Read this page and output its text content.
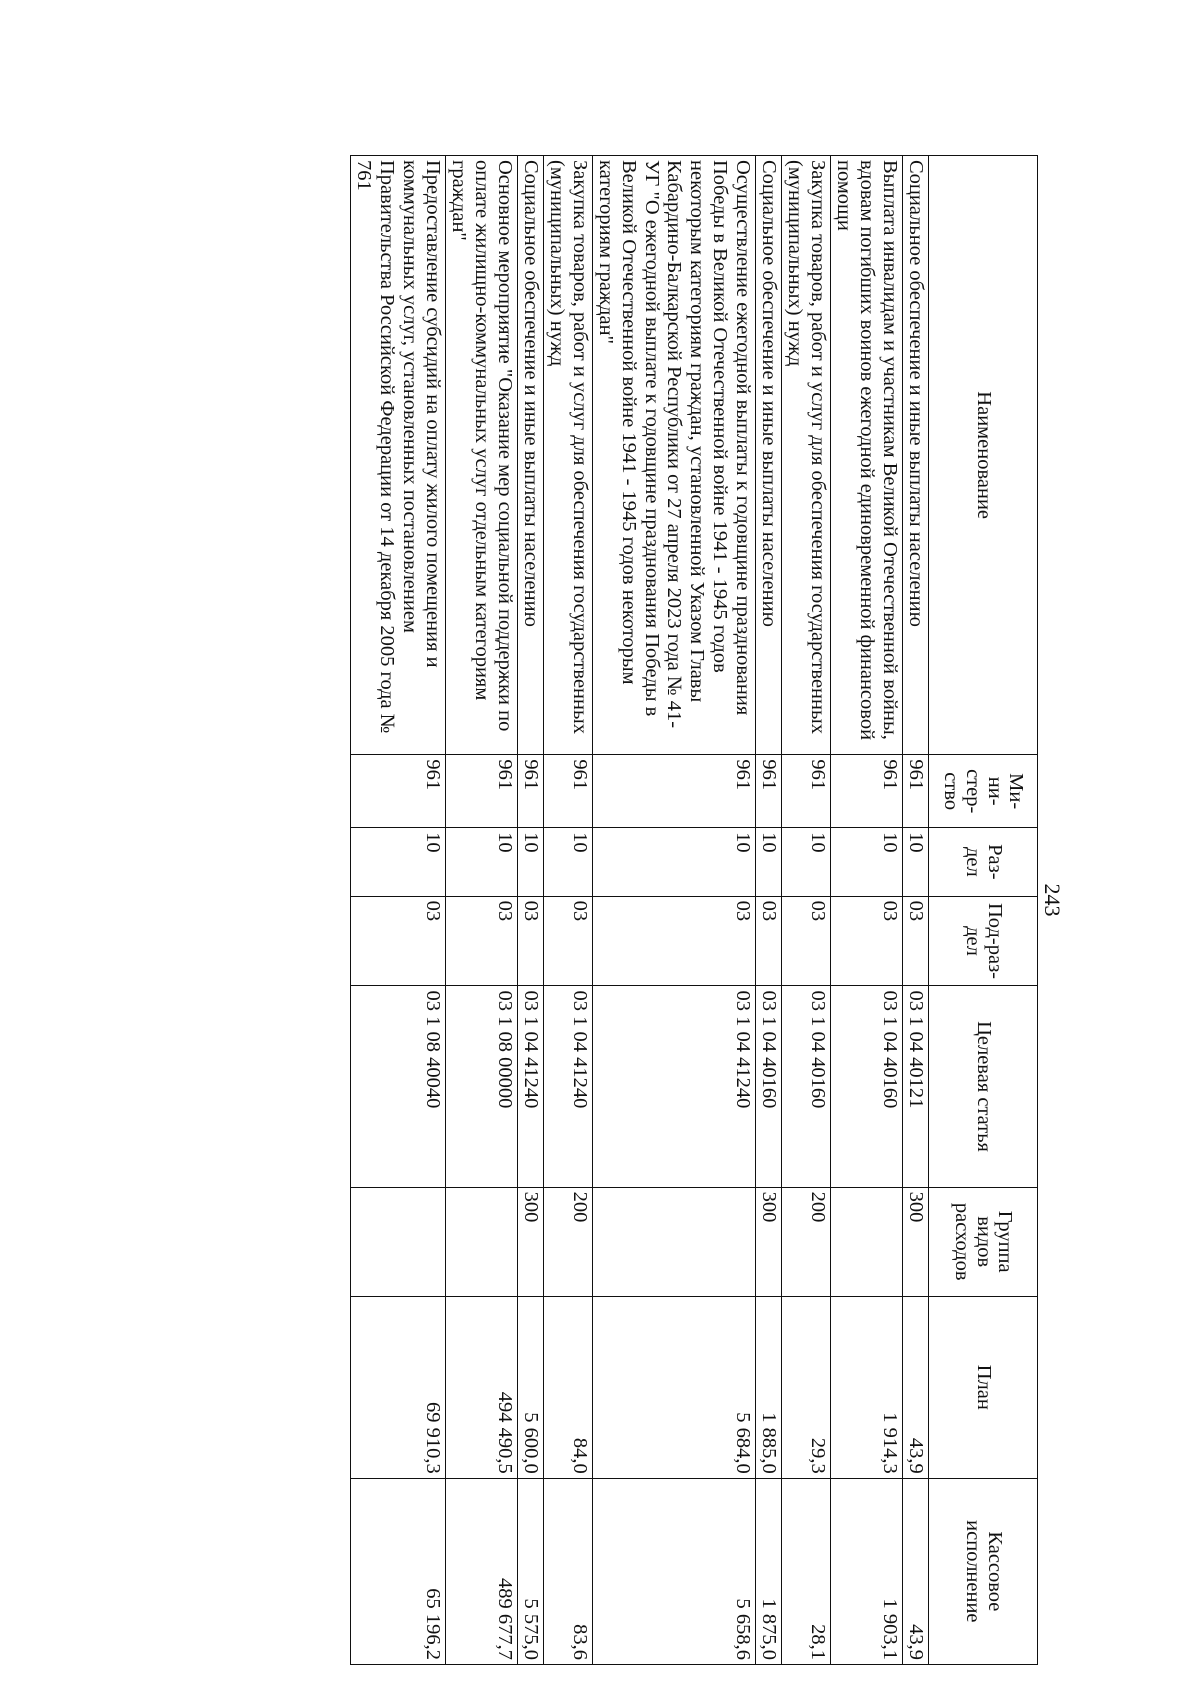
243
Наименование	Ми-ни-стер-ство	Раз-дел	Под-раз-дел	Целевая статья	Группа видов расходов	План	Кассовое исполнение
Социальное обеспечение и иные выплаты населению	961	10	03	03 1 04 40121	300	43,9	43,9
Выплата инвалидам и участникам Великой Отечественной войны, вдовам погибших воинов ежегодной единовременной финансовой помощи	961	10	03	03 1 04 40160		1 914,3	1 903,1
Закупка товаров, работ и услуг для обеспечения государственных (муниципальных) нужд	961	10	03	03 1 04 40160	200	29,3	28,1
Социальное обеспечение и иные выплаты населению	961	10	03	03 1 04 40160	300	1 885,0	1 875,0
Осуществление ежегодной выплаты к годовщине празднования Победы в Великой Отечественной войне 1941 - 1945 годов некоторым категориям граждан, установленной Указом Главы Кабардино-Балкарской Республики от 27 апреля 2023 года № 41-УГ "О ежегодной выплате к годовщине празднования Победы в Великой Отечественной войне 1941 - 1945 годов некоторым категориям граждан"	961	10	03	03 1 04 41240		5 684,0	5 658,6
Закупка товаров, работ и услуг для обеспечения государственных (муниципальных) нужд	961	10	03	03 1 04 41240	200	84,0	83,6
Социальное обеспечение и иные выплаты населению	961	10	03	03 1 04 41240	300	5 600,0	5 575,0
Основное мероприятие "Оказание мер социальной поддержки по оплате жилищно-коммунальных услуг отдельным категориям граждан"	961	10	03	03 1 08 00000		494 490,5	489 677,7
Предоставление субсидий на оплату жилого помещения и коммунальных услуг, установленных постановлением Правительства Российской Федерации от 14 декабря 2005 года № 761	961	10	03	03 1 08 40040		69 910,3	65 196,2
